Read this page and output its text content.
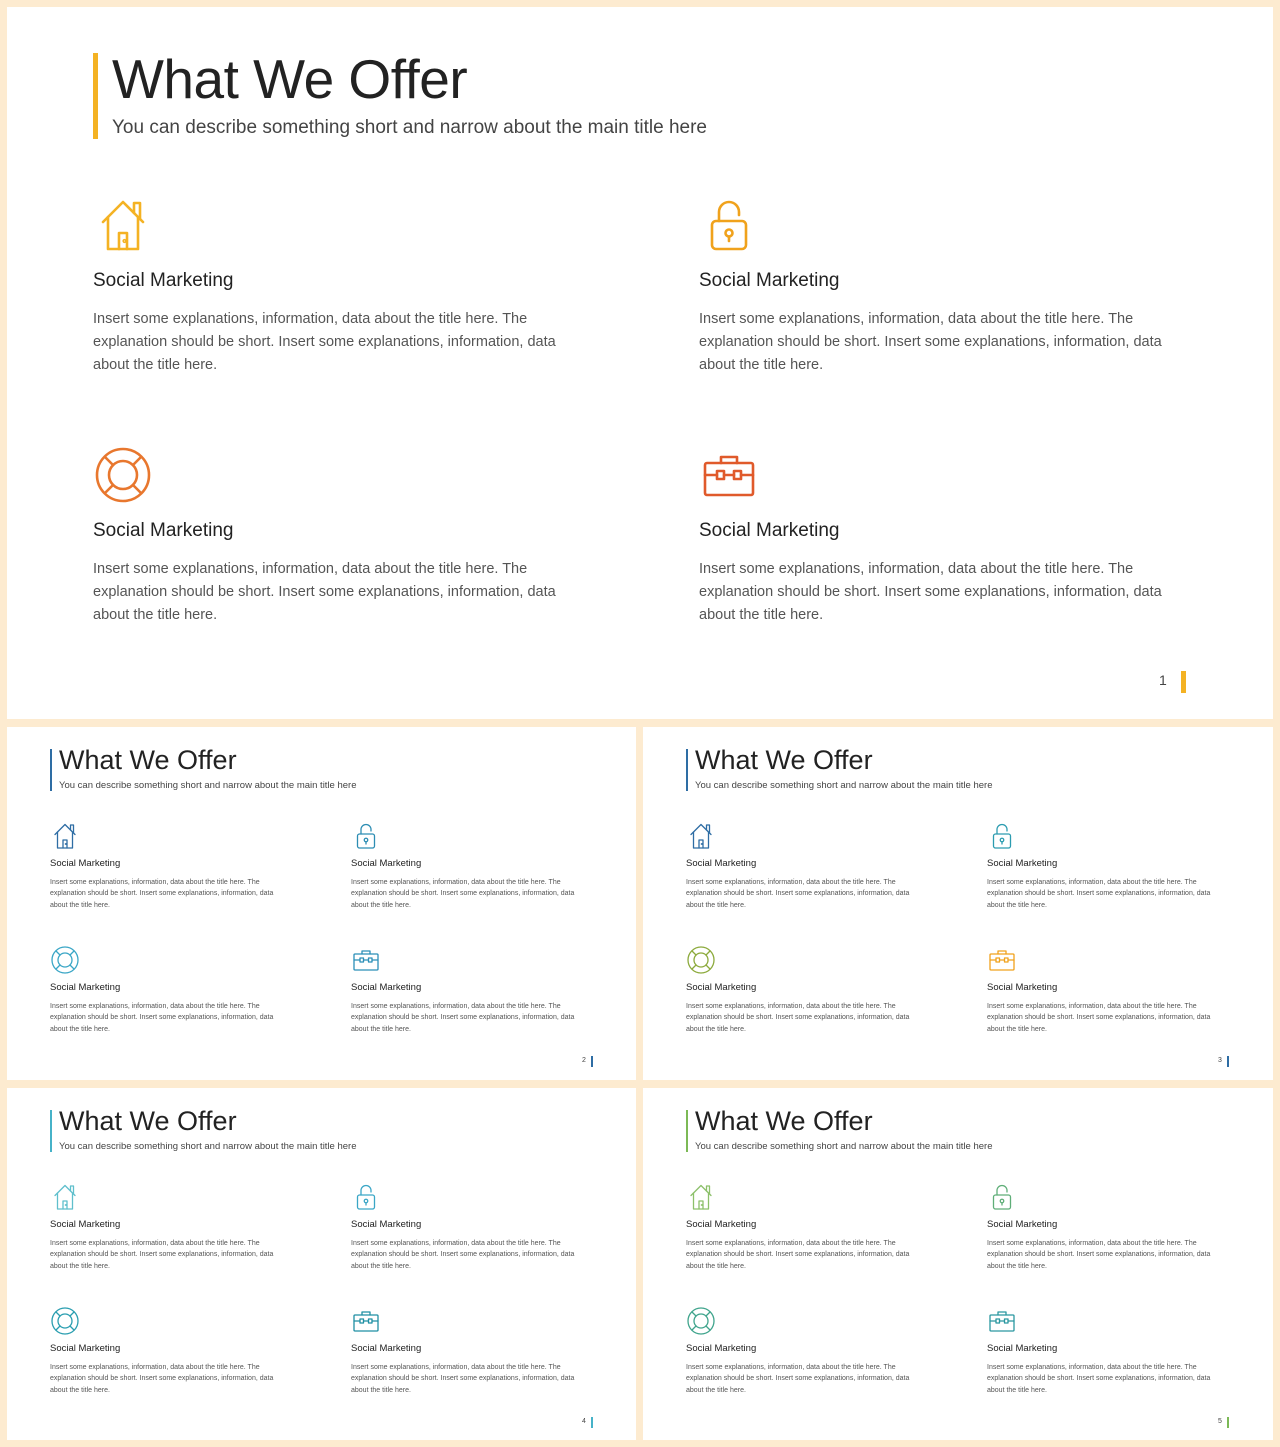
What We Offer
You can describe something short and narrow about the main title here
Social Marketing
Insert some explanations, information, data about the title here. The explanation should be short. Insert some explanations, information, data about the title here.
Social Marketing
Insert some explanations, information, data about the title here. The explanation should be short. Insert some explanations, information, data about the title here.
Social Marketing
Insert some explanations, information, data about the title here. The explanation should be short. Insert some explanations, information, data about the title here.
Social Marketing
Insert some explanations, information, data about the title here. The explanation should be short. Insert some explanations, information, data about the title here.
1
What We Offer
You can describe something short and narrow about the main title here
Social Marketing
Insert some explanations, information, data about the title here. The explanation should be short. Insert some explanations, information, data about the title here.
Social Marketing
Insert some explanations, information, data about the title here. The explanation should be short. Insert some explanations, information, data about the title here.
Social Marketing
Insert some explanations, information, data about the title here. The explanation should be short. Insert some explanations, information, data about the title here.
Social Marketing
Insert some explanations, information, data about the title here. The explanation should be short. Insert some explanations, information, data about the title here.
2
What We Offer
You can describe something short and narrow about the main title here
Social Marketing
Insert some explanations, information, data about the title here. The explanation should be short. Insert some explanations, information, data about the title here.
Social Marketing
Insert some explanations, information, data about the title here. The explanation should be short. Insert some explanations, information, data about the title here.
Social Marketing
Insert some explanations, information, data about the title here. The explanation should be short. Insert some explanations, information, data about the title here.
Social Marketing
Insert some explanations, information, data about the title here. The explanation should be short. Insert some explanations, information, data about the title here.
3
What We Offer
You can describe something short and narrow about the main title here
Social Marketing
Insert some explanations, information, data about the title here. The explanation should be short. Insert some explanations, information, data about the title here.
Social Marketing
Insert some explanations, information, data about the title here. The explanation should be short. Insert some explanations, information, data about the title here.
Social Marketing
Insert some explanations, information, data about the title here. The explanation should be short. Insert some explanations, information, data about the title here.
Social Marketing
Insert some explanations, information, data about the title here. The explanation should be short. Insert some explanations, information, data about the title here.
4
What We Offer
You can describe something short and narrow about the main title here
Social Marketing
Insert some explanations, information, data about the title here. The explanation should be short. Insert some explanations, information, data about the title here.
Social Marketing
Insert some explanations, information, data about the title here. The explanation should be short. Insert some explanations, information, data about the title here.
Social Marketing
Insert some explanations, information, data about the title here. The explanation should be short. Insert some explanations, information, data about the title here.
Social Marketing
Insert some explanations, information, data about the title here. The explanation should be short. Insert some explanations, information, data about the title here.
5
